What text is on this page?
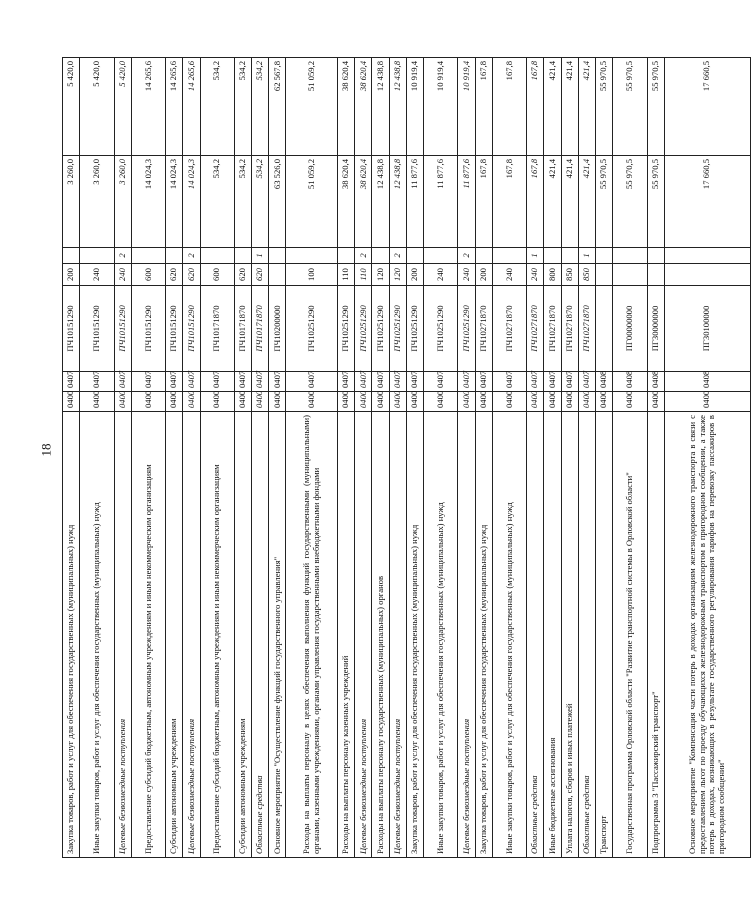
18
Закупка товаров, работ и услуг для обеспечения государственных (муниципальных) нужд	0400	0407	ПЧ10151290	200		3 260,0	5 420,0
Иные закупки товаров, работ и услуг для обеспечения государственных (муниципальных) нужд	0400	0407	ПЧ10151290	240		3 260,0	5 420,0
Целевые безвозмездные поступления	0400	0407	ПЧ10151290	240	2	3 260,0	5 420,0
Предоставление субсидий бюджетным, автономным учреждениям и иным некоммерческим организациям	0400	0407	ПЧ10151290	600		14 024,3	14 265,6
Субсидии автономным учреждениям	0400	0407	ПЧ10151290	620		14 024,3	14 265,6
Целевые безвозмездные поступления	0400	0407	ПЧ10151290	620	2	14 024,3	14 265,6
Предоставление субсидий бюджетным, автономным учреждениям и иным некоммерческим организациям	0400	0407	ПЧ10171870	600		534,2	534,2
Субсидии автономным учреждениям	0400	0407	ПЧ10171870	620		534,2	534,2
Областные средства	0400	0407	ПЧ10171870	620	1	534,2	534,2
Основное мероприятие "Осуществление функций государственного управления"	0400	0407	ПЧ10200000			63 526,0	62 567,8
Расходы на выплаты персоналу в целях обеспечения выполнения функций государственными (муниципальными) органами, казенными учреждениями, органами управления государственными внебюджетными фондами	0400	0407	ПЧ10251290	100		51 059,2	51 059,2
Расходы на выплаты персоналу казенных учреждений	0400	0407	ПЧ10251290	110		38 620,4	38 620,4
Целевые безвозмездные поступления	0400	0407	ПЧ10251290	110	2	38 620,4	38 620,4
Расходы на выплаты персоналу государственных (муниципальных) органов	0400	0407	ПЧ10251290	120		12 438,8	12 438,8
Целевые безвозмездные поступления	0400	0407	ПЧ10251290	120	2	12 438,8	12 438,8
Закупка товаров, работ и услуг для обеспечения государственных (муниципальных) нужд	0400	0407	ПЧ10251290	200		11 877,6	10 919,4
Иные закупки товаров, работ и услуг для обеспечения государственных (муниципальных) нужд	0400	0407	ПЧ10251290	240		11 877,6	10 919,4
Целевые безвозмездные поступления	0400	0407	ПЧ10251290	240	2	11 877,6	10 919,4
Закупка товаров, работ и услуг для обеспечения государственных (муниципальных) нужд	0400	0407	ПЧ10271870	200		167,8	167,8
Иные закупки товаров, работ и услуг для обеспечения государственных (муниципальных) нужд	0400	0407	ПЧ10271870	240		167,8	167,8
Областные средства	0400	0407	ПЧ10271870	240	1	167,8	167,8
Иные бюджетные ассигнования	0400	0407	ПЧ10271870	800		421,4	421,4
Уплата налогов, сборов и иных платежей	0400	0407	ПЧ10271870	850		421,4	421,4
Областные средства	0400	0407	ПЧ10271870	850	1	421,4	421,4
Транспорт	0400	0408				55 970,5	55 970,5
Государственная программа Орловской области "Развитие транспортной системы в Орловской области"	0400	0408	ПГ00000000			55 970,5	55 970,5
Подпрограмма 3 "Пассажирский транспорт"	0400	0408	ПГ30000000			55 970,5	55 970,5
Основное мероприятие "Компенсация части потерь в доходах организациям железнодорожного транспорта в связи с предоставлением льгот по проезду обучающихся железнодорожным транспортом в пригородном сообщении, а также потерь в доходах, возникающих в результате государственного регулирования тарифов на перевозку пассажиров в пригородном сообщении"	0400	0408	ПГ30100000			17 660,5	17 660,5
